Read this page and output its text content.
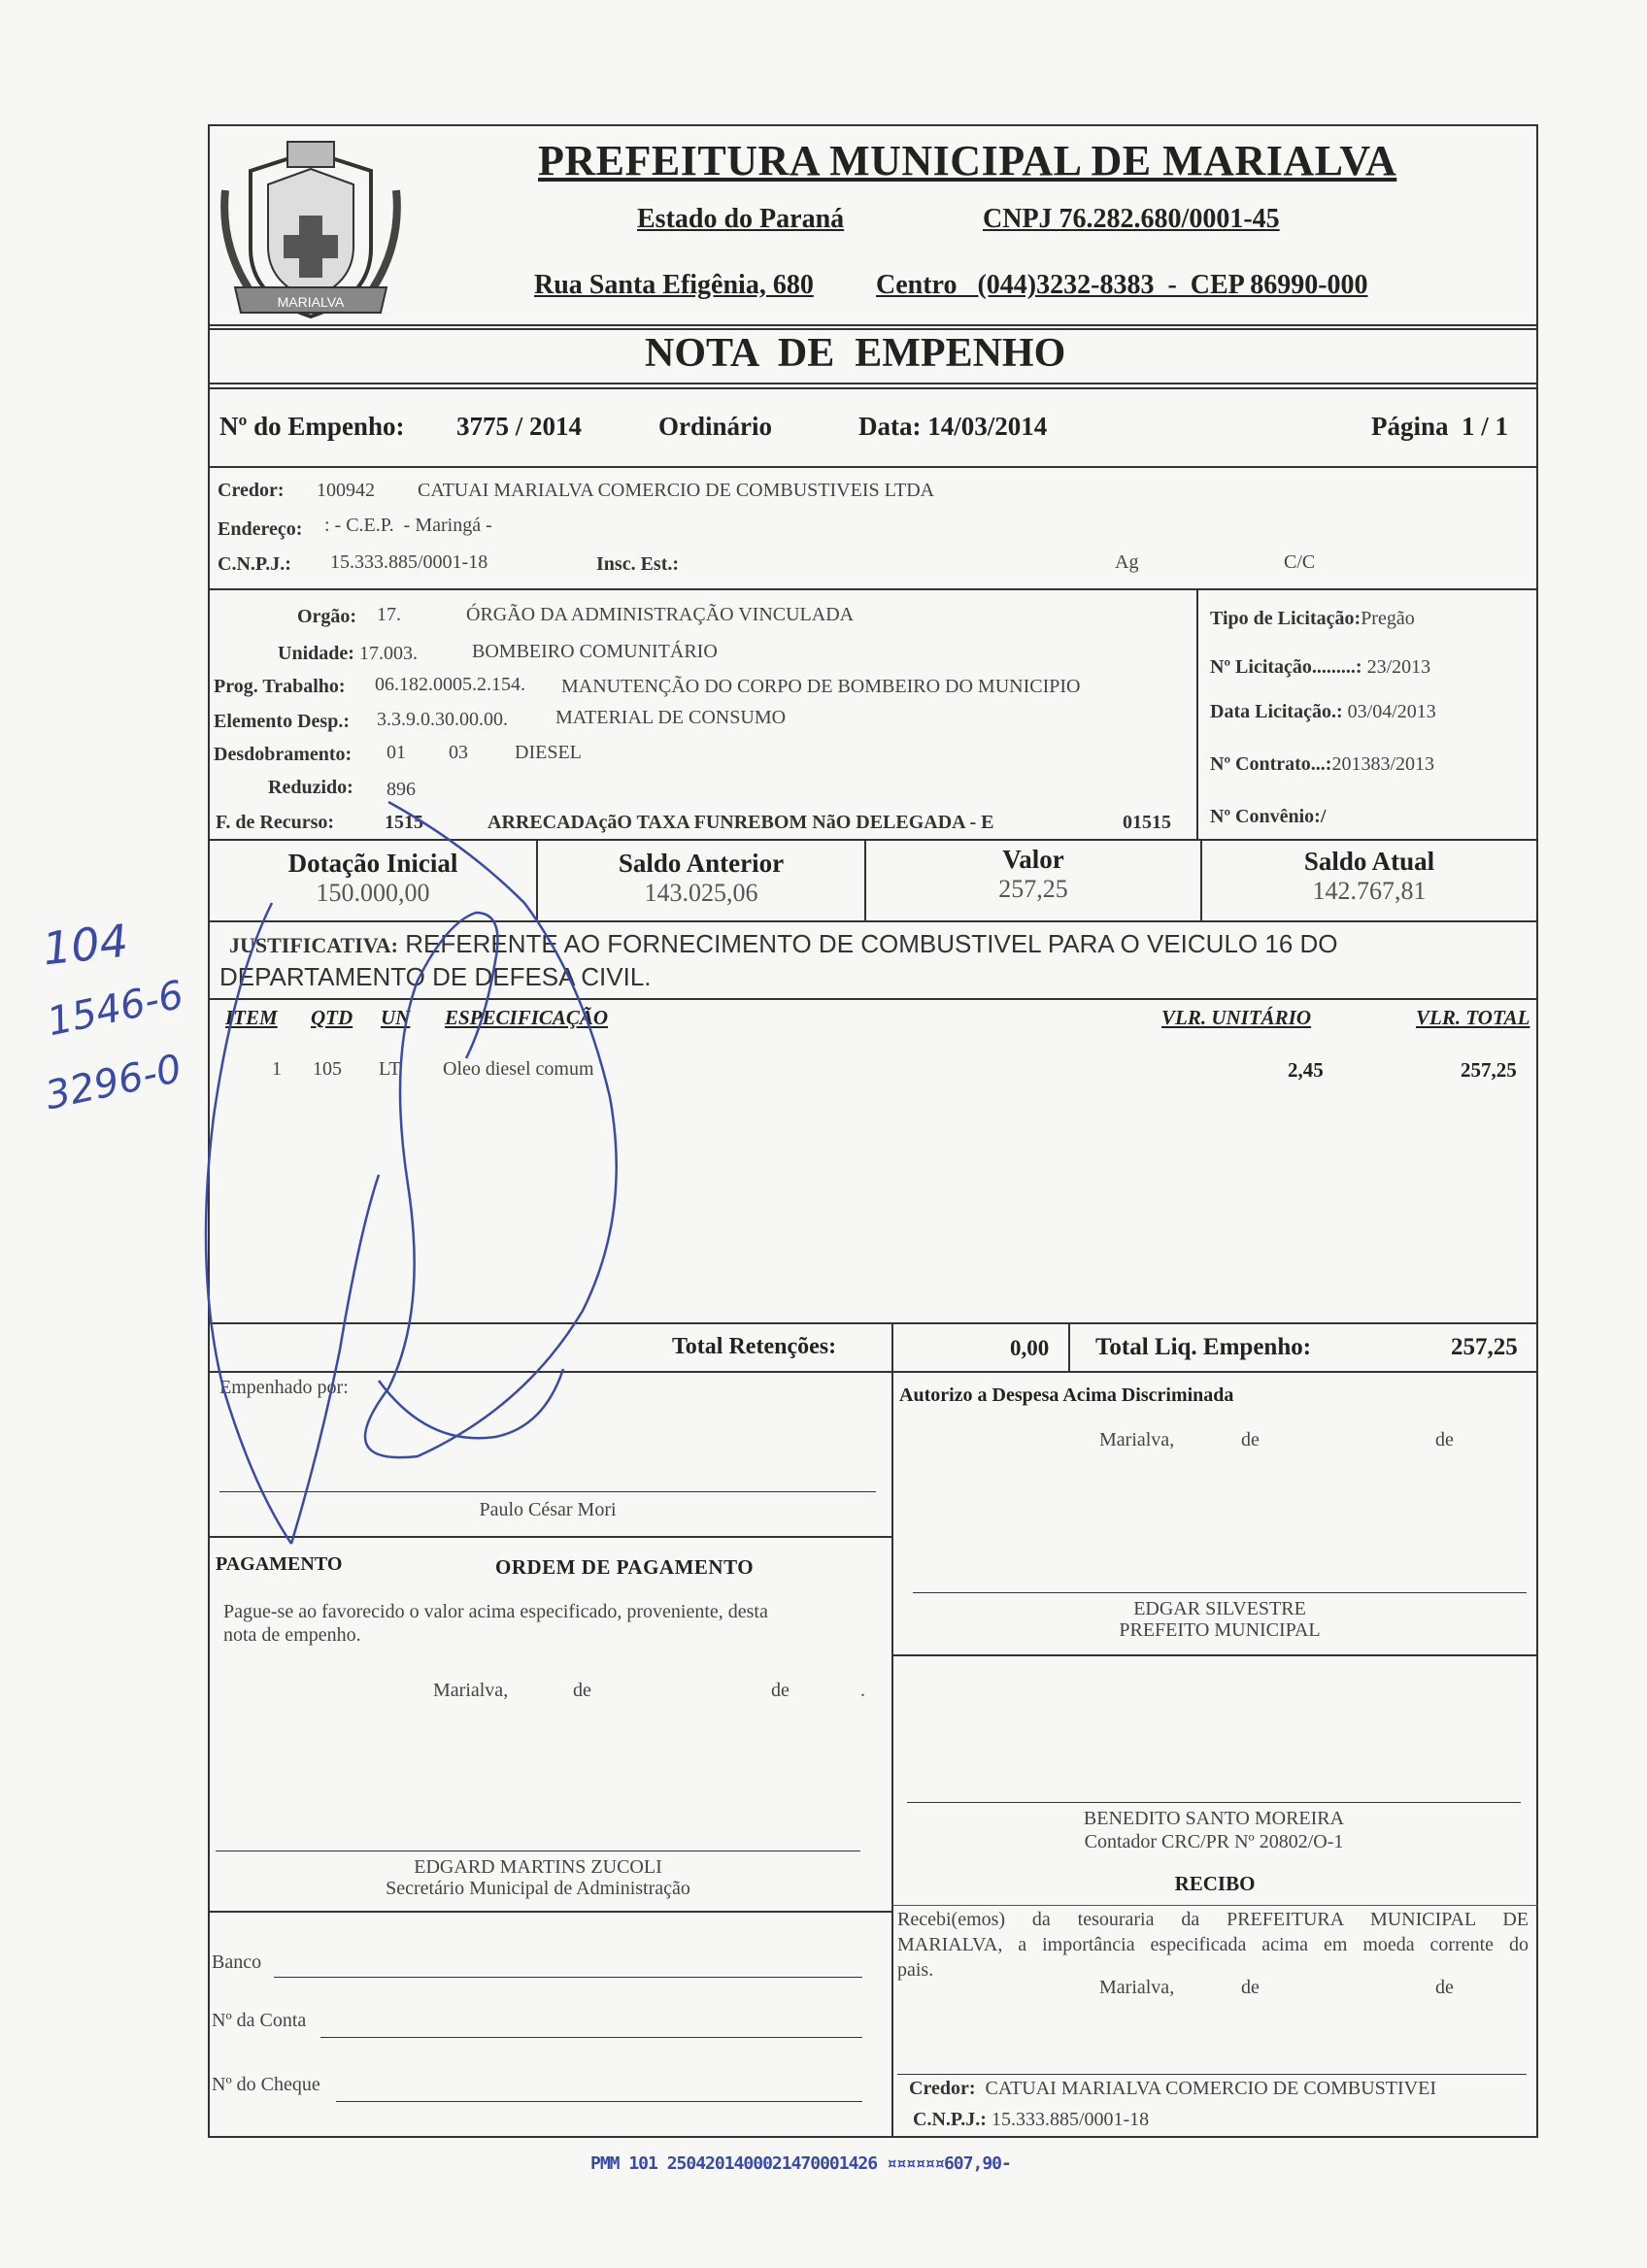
MARIALVA
PREFEITURA MUNICIPAL DE MARIALVA
Estado do Paraná	CNPJ 76.282.680/0001-45
Rua Santa Efigênia, 680 Centro   (044)3232-8383  -  CEP 86990-000
NOTA  DE  EMPENHO
Nº do Empenho: 3775 / 2014	Ordinário	Data: 14/03/2014	Página  1 / 1
Credor: 100942 CATUAI MARIALVA COMERCIO DE COMBUSTIVEIS LTDA
Endereço: : - C.E.P.  - Maringá -
C.N.P.J.: 15.333.885/0001-18	Insc. Est.:	Ag	C/C
Orgão: 17.	ÓRGÃO DA ADMINISTRAÇÃO VINCULADA
Unidade: 17.003.	BOMBEIRO COMUNITÁRIO
Prog. Trabalho: 06.182.0005.2.154. MANUTENÇÃO DO CORPO DE BOMBEIRO DO MUNICIPIO
Elemento Desp.: 3.3.9.0.30.00.00. MATERIAL DE CONSUMO
Desdobramento: 01 03 DIESEL
Reduzido: 896
F. de Recurso:	1515	ARRECADAçãO TAXA FUNREBOM NãO DELEGADA - E	01515
Tipo de Licitação:Pregão
Nº Licitação.........: 23/2013
Data Licitação.: 03/04/2013
Nº Contrato...:201383/2013
Nº Convênio:/
Dotação Inicial
150.000,00
Saldo Anterior
143.025,06
Valor
257,25
Saldo Atual
142.767,81
JUSTIFICATIVA: REFERENTE AO FORNECIMENTO DE COMBUSTIVEL PARA O VEICULO 16 DO
DEPARTAMENTO DE DEFESA CIVIL.
ITEM QTD UN ESPECIFICAÇÃO	VLR. UNITÁRIO	VLR. TOTAL
1 105 LT Oleo diesel comum	2,45	257,25
Total Retenções:	0,00 Total Liq. Empenho:	257,25
Empenhado por:
Paulo César Mori
Autorizo a Despesa Acima Discriminada
Marialva,	de	de
EDGAR SILVESTRE
PREFEITO MUNICIPAL
PAGAMENTO	ORDEM DE PAGAMENTO
Pague-se ao favorecido o valor acima especificado, proveniente, desta
nota de empenho.
Marialva,	de	de	.
EDGARD MARTINS ZUCOLI
Secretário Municipal de Administração
Banco
Nº da Conta
Nº do Cheque
BENEDITO SANTO MOREIRA
Contador CRC/PR Nº 20802/O-1
RECIBO
Recebi(emos) da tesouraria da PREFEITURA MUNICIPAL DE
MARIALVA, a importância especificada acima em moeda corrente do
pais.
Marialva,	de	de
Credor: CATUAI MARIALVA COMERCIO DE COMBUSTIVEI
C.N.P.J.: 15.333.885/0001-18
PMM 101 2504201400021470001426 ¤¤¤¤¤¤607,90-
104
1546-6
3296-0
